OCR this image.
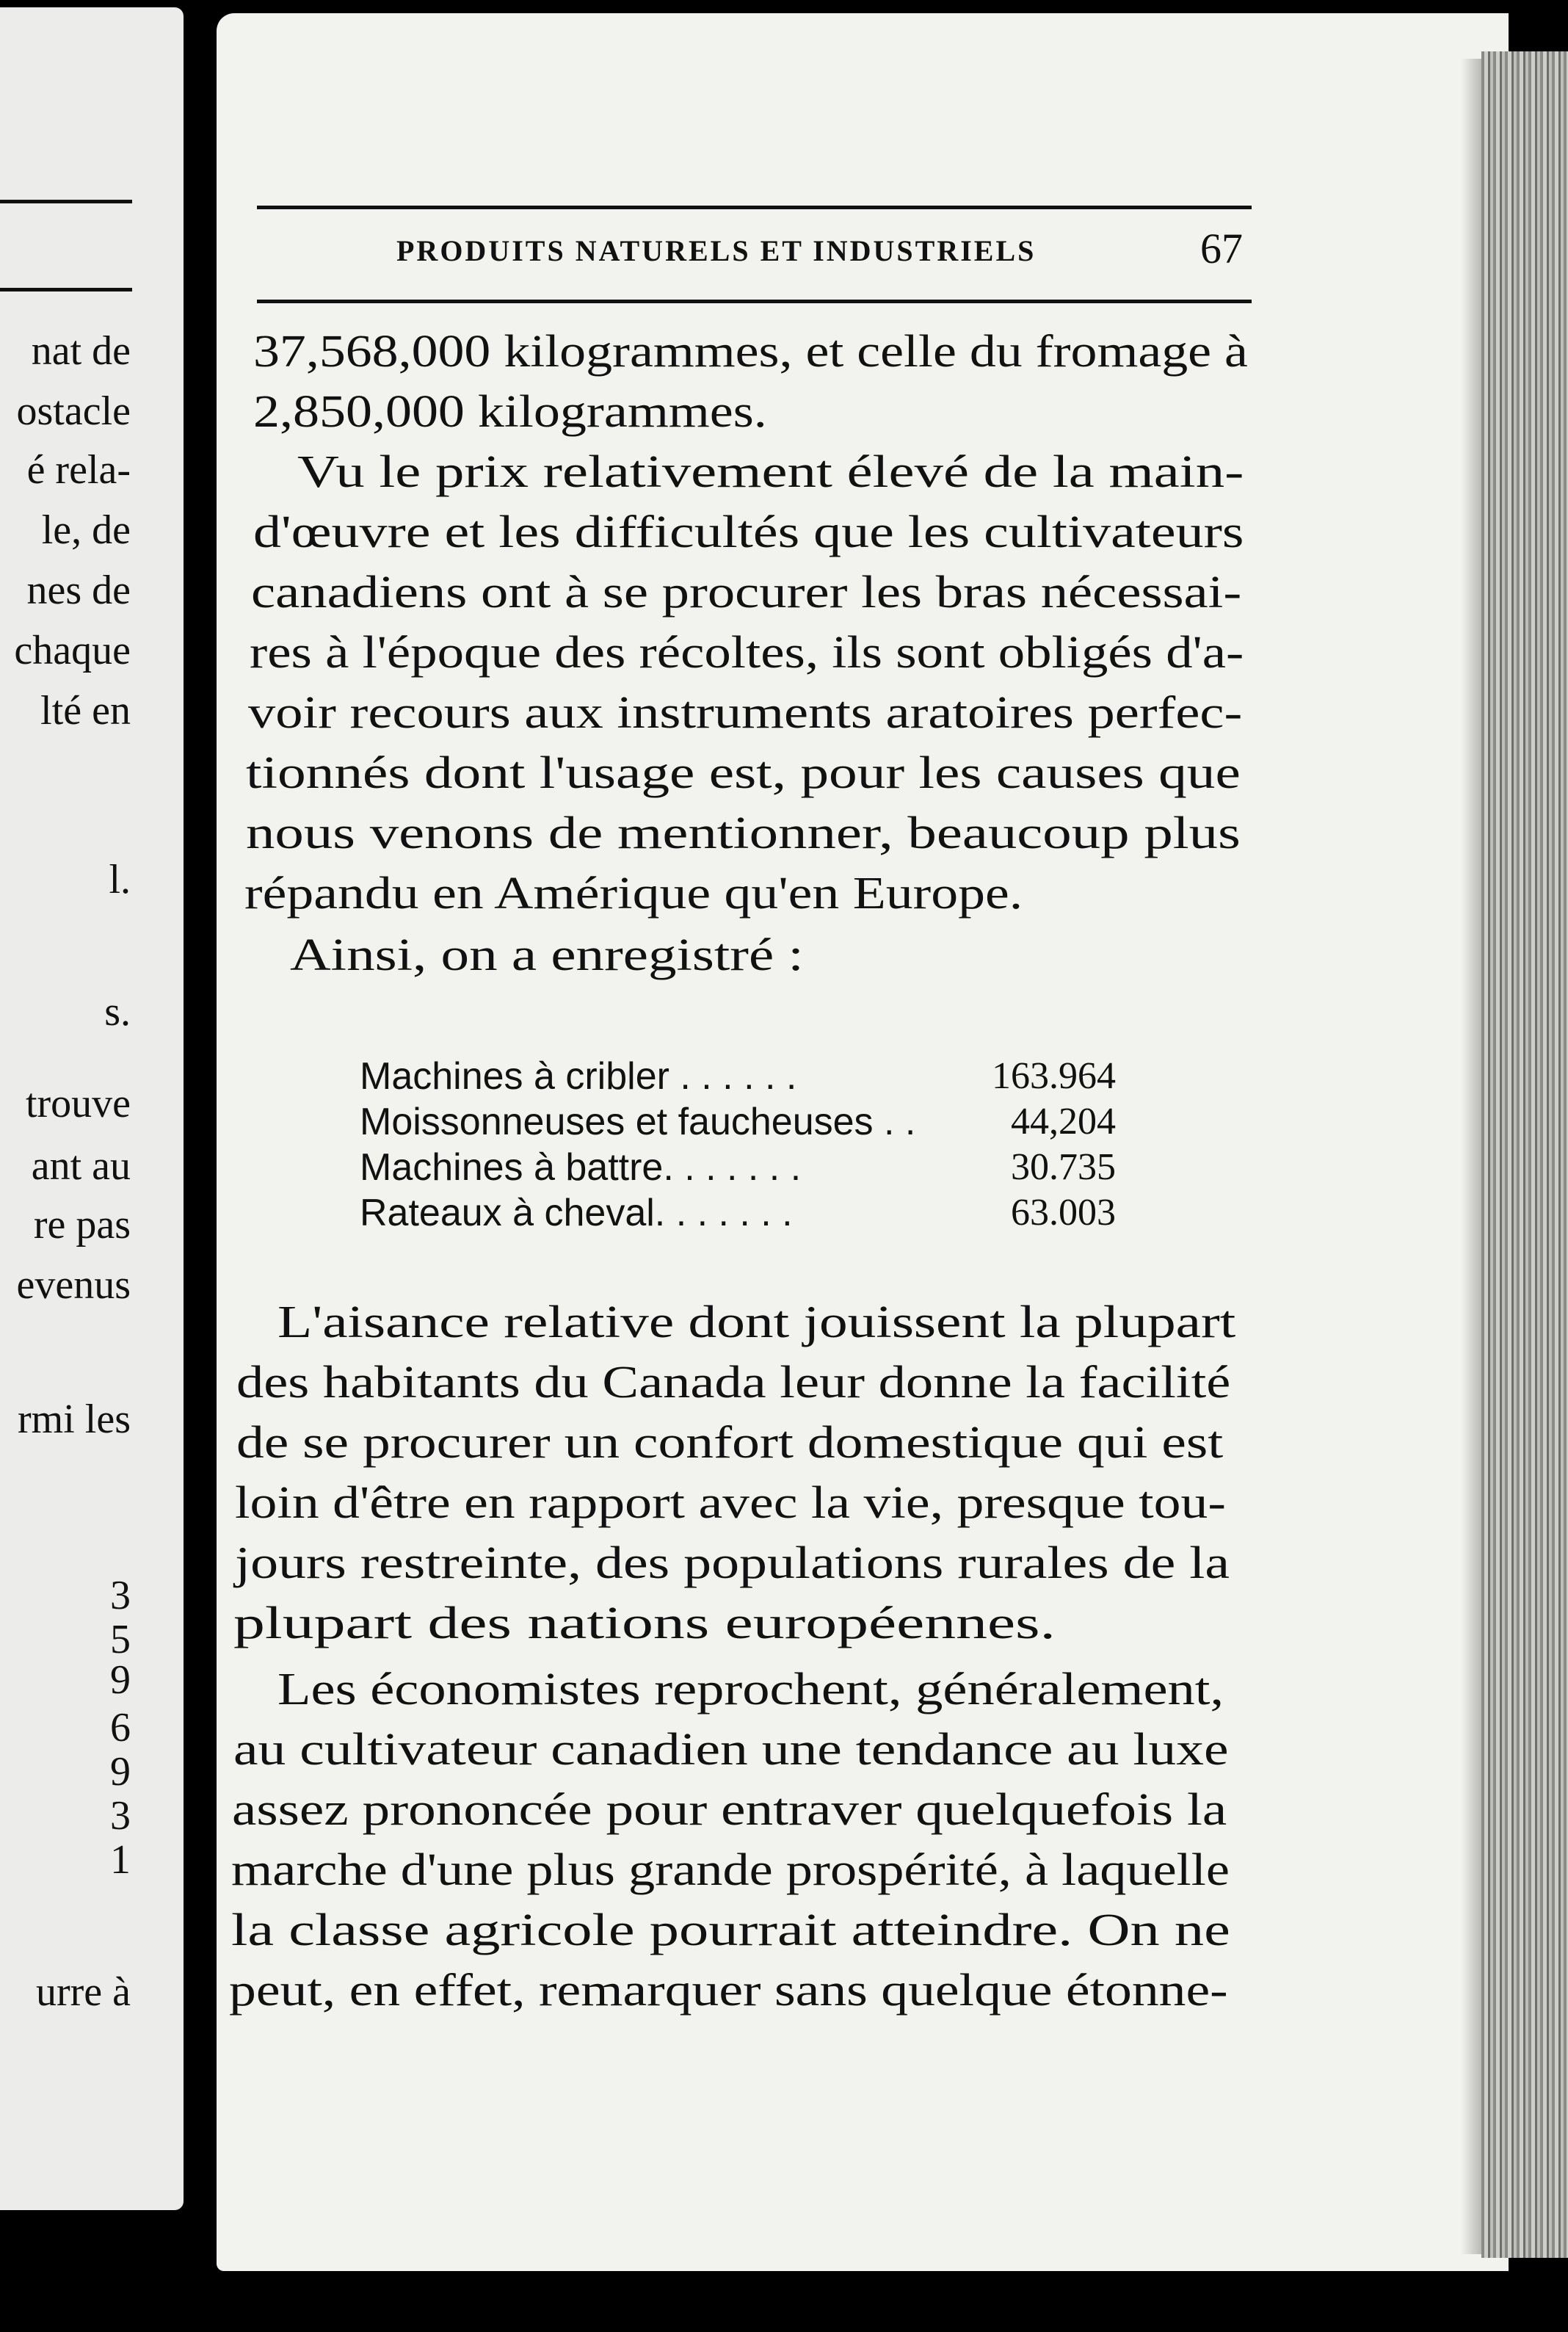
nat de
ostacle
é rela-
le, de
nes de
chaque
lté en
l.
s.
trouve
ant au
re pas
evenus
rmi les
3
5
9
6
9
3
1
urre à
PRODUITS NATURELS ET INDUSTRIELS	67
37,568,000 kilogrammes, et celle du fromage à
2,850,000 kilogrammes.
Vu le prix relativement élevé de la main-
d'œuvre et les difficultés que les cultivateurs
canadiens ont à se procurer les bras nécessai-
res à l'époque des récoltes, ils sont obligés d'a-
voir recours aux instruments aratoires perfec-
tionnés dont l'usage est, pour les causes que
nous venons de mentionner, beaucoup plus
répandu en Amérique qu'en Europe.
Ainsi, on a enregistré :
Machines à cribler . . . . . .	163.964
Moissonneuses et faucheuses . .	44,204
Machines à battre. . . . . . .	30.735
Rateaux à cheval. . . . . . .	63.003
L'aisance relative dont jouissent la plupart
des habitants du Canada leur donne la facilité
de se procurer un confort domestique qui est
loin d'être en rapport avec la vie, presque tou-
jours restreinte, des populations rurales de la
plupart des nations européennes.
Les économistes reprochent, généralement,
au cultivateur canadien une tendance au luxe
assez prononcée pour entraver quelquefois la
marche d'une plus grande prospérité, à laquelle
la classe agricole pourrait atteindre. On ne
peut, en effet, remarquer sans quelque étonne-
